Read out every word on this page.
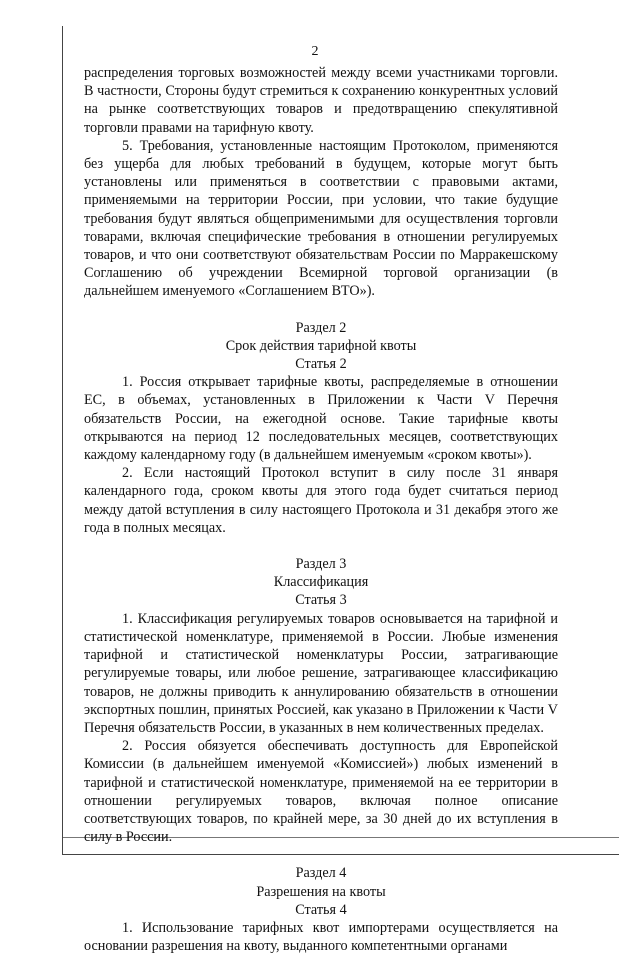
2

распределения торговых возможностей между всеми участниками торговли. В частности, Стороны будут стремиться к сохранению конкурентных условий на рынке соответствующих товаров и предотвращению спекулятивной торговли правами на тарифную квоту.

5. Требования, установленные настоящим Протоколом, применяются без ущерба для любых требований в будущем, которые могут быть установлены или применяться в соответствии с правовыми актами, применяемыми на территории России, при условии, что такие будущие требования будут являться общеприменимыми для осуществления торговли товарами, включая специфические требования в отношении регулируемых товаров, и что они соответствуют обязательствам России по Марракешскому Соглашению об учреждении Всемирной торговой организации (в дальнейшем именуемого «Соглашением ВТО»).

Раздел 2

Срок действия тарифной квоты

Статья 2

1. Россия открывает тарифные квоты, распределяемые в отношении ЕС, в объемах, установленных в Приложении к Части V Перечня обязательств России, на ежегодной основе. Такие тарифные квоты открываются на период 12 последовательных месяцев, соответствующих каждому календарному году (в дальнейшем именуемым «сроком квоты»).

2. Если настоящий Протокол вступит в силу после 31 января календарного года, сроком квоты для этого года будет считаться период между датой вступления в силу настоящего Протокола и 31 декабря этого же года в полных месяцах.

Раздел 3

Классификация

Статья 3

1. Классификация регулируемых товаров основывается на тарифной и статистической номенклатуре, применяемой в России. Любые изменения тарифной и статистической номенклатуры России, затрагивающие регулируемые товары, или любое решение, затрагивающее классификацию товаров, не должны приводить к аннулированию обязательств в отношении экспортных пошлин, принятых Россией, как указано в Приложении к Части V Перечня обязательств России, в указанных в нем количественных пределах.

2. Россия обязуется обеспечивать доступность для Европейской Комиссии (в дальнейшем именуемой «Комиссией») любых изменений в тарифной и статистической номенклатуре, применяемой на ее территории в отношении регулируемых товаров, включая полное описание соответствующих товаров, по крайней мере, за 30 дней до их вступления в силу в России.

Раздел 4

Разрешения на квоты

Статья 4

1. Использование тарифных квот импортерами осуществляется на основании разрешения на квоту, выданного компетентными органами
